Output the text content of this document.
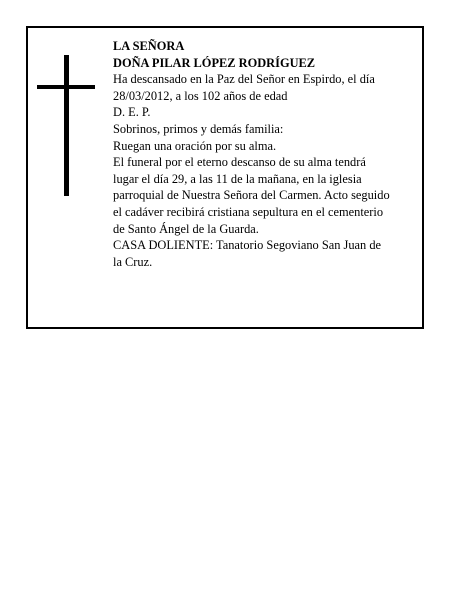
LA SEÑORA

DOÑA PILAR LÓPEZ RODRÍGUEZ

Ha descansado en la Paz del Señor en Espirdo, el día

28/03/2012, a los 102 años de edad

D. E. P.

Sobrinos, primos y demás familia:

Ruegan una oración por su alma.

El funeral por el eterno descanso de su alma tendrá

lugar el día 29, a las 11 de la mañana, en la iglesia

parroquial de Nuestra Señora del Carmen. Acto seguido

el cadáver recibirá cristiana sepultura en el cementerio

de Santo Ángel de la Guarda.

CASA DOLIENTE: Tanatorio Segoviano San Juan de

la Cruz.
